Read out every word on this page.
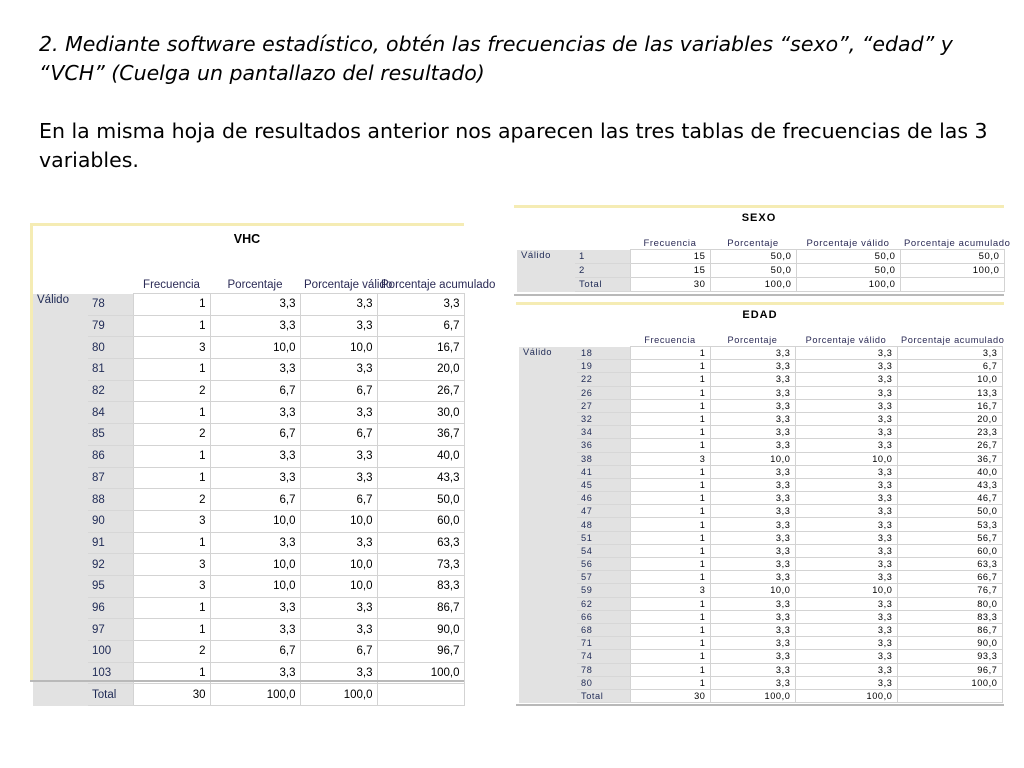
2. Mediante software estadístico, obtén las frecuencias de las variables “sexo”, “edad” y “VCH” (Cuelga un pantallazo del resultado)

En la misma hoja de resultados anterior nos aparecen las tres tablas de frecuencias de las 3 variables.

VHC
		Frecuencia	Porcentaje	Porcentaje válido	Porcentaje acumulado
Válido	78	1	3,3	3,3	3,3
	79	1	3,3	3,3	6,7
	80	3	10,0	10,0	16,7
	81	1	3,3	3,3	20,0
	82	2	6,7	6,7	26,7
	84	1	3,3	3,3	30,0
	85	2	6,7	6,7	36,7
	86	1	3,3	3,3	40,0
	87	1	3,3	3,3	43,3
	88	2	6,7	6,7	50,0
	90	3	10,0	10,0	60,0
	91	1	3,3	3,3	63,3
	92	3	10,0	10,0	73,3
	95	3	10,0	10,0	83,3
	96	1	3,3	3,3	86,7
	97	1	3,3	3,3	90,0
	100	2	6,7	6,7	96,7
	103	1	3,3	3,3	100,0
	Total	30	100,0	100,0	
SEXO
		Frecuencia	Porcentaje	Porcentaje válido	Porcentaje acumulado
Válido	1	15	50,0	50,0	50,0
	2	15	50,0	50,0	100,0
	Total	30	100,0	100,0	
EDAD
		Frecuencia	Porcentaje	Porcentaje válido	Porcentaje acumulado
Válido	18	1	3,3	3,3	3,3
	19	1	3,3	3,3	6,7
	22	1	3,3	3,3	10,0
	26	1	3,3	3,3	13,3
	27	1	3,3	3,3	16,7
	32	1	3,3	3,3	20,0
	34	1	3,3	3,3	23,3
	36	1	3,3	3,3	26,7
	38	3	10,0	10,0	36,7
	41	1	3,3	3,3	40,0
	45	1	3,3	3,3	43,3
	46	1	3,3	3,3	46,7
	47	1	3,3	3,3	50,0
	48	1	3,3	3,3	53,3
	51	1	3,3	3,3	56,7
	54	1	3,3	3,3	60,0
	56	1	3,3	3,3	63,3
	57	1	3,3	3,3	66,7
	59	3	10,0	10,0	76,7
	62	1	3,3	3,3	80,0
	66	1	3,3	3,3	83,3
	68	1	3,3	3,3	86,7
	71	1	3,3	3,3	90,0
	74	1	3,3	3,3	93,3
	78	1	3,3	3,3	96,7
	80	1	3,3	3,3	100,0
	Total	30	100,0	100,0	
